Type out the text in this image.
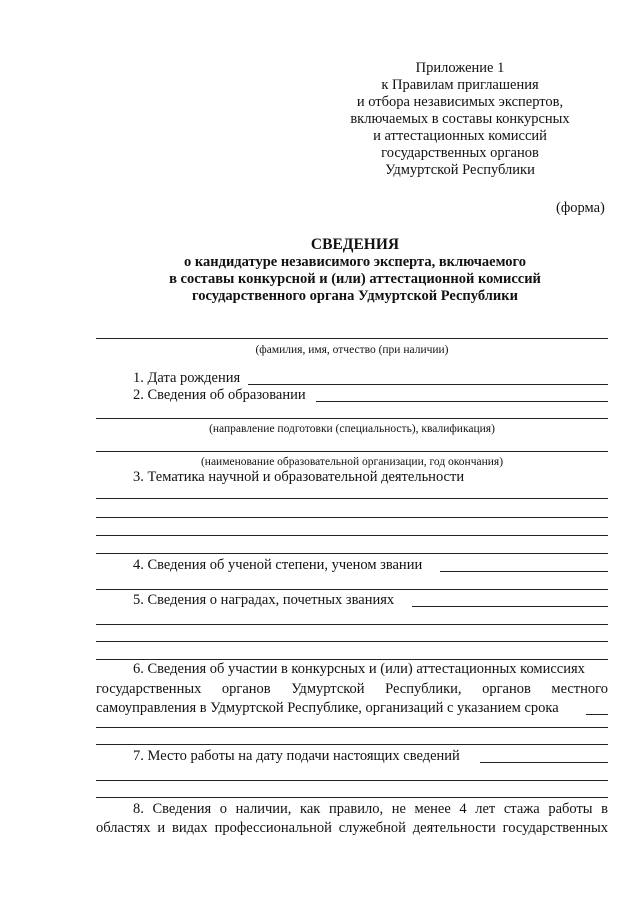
Приложение 1
к Правилам приглашения
и отбора независимых экспертов,
включаемых в составы конкурсных
и аттестационных комиссий
государственных органов
Удмуртской Республики
(форма)
СВЕДЕНИЯ
о кандидатуре независимого эксперта, включаемого
в составы конкурсной и (или) аттестационной комиссий
государственного органа Удмуртской Республики
(фамилия, имя, отчество (при наличии)
1. Дата рождения
2. Сведения об образовании
(направление подготовки (специальность), квалификация)
(наименование образовательной организации, год окончания)
3. Тематика научной и образовательной деятельности
4. Сведения об ученой степени, ученом звании
5. Сведения о наградах, почетных званиях
6. Сведения об участии в конкурсных и (или) аттестационных комиссиях
государственных органов Удмуртской Республики, органов местного
самоуправления в Удмуртской Республике, организаций с указанием срока
7. Место работы на дату подачи настоящих сведений
8. Сведения о наличии, как правило, не менее 4 лет стажа работы в
областях и видах профессиональной служебной деятельности государственных
